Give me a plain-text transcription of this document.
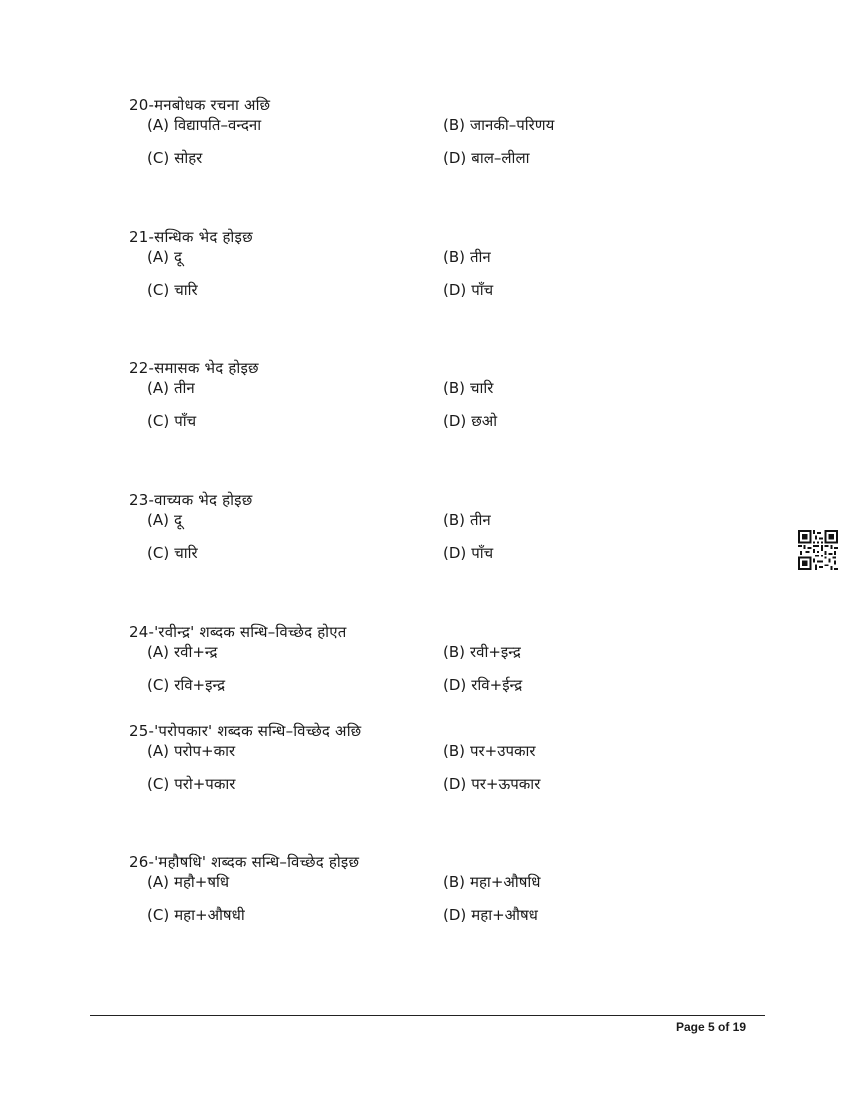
20-मनबोधक रचना अछि
(A) विद्यापति–वन्दना	(B) जानकी–परिणय
(C) सोहर	(D) बाल–लीला
21-सन्धिक भेद होइछ
(A) दू	(B) तीन
(C) चारि	(D) पाँच
22-समासक भेद होइछ
(A) तीन	(B) चारि
(C) पाँच	(D) छओ
23-वाच्यक भेद होइछ
(A) दू	(B) तीन
(C) चारि	(D) पाँच
24-'रवीन्द्र' शब्दक सन्धि–विच्छेद होएत
(A) रवी+न्द्र	(B) रवी+इन्द्र
(C) रवि+इन्द्र	(D) रवि+ईन्द्र
25-'परोपकार' शब्दक सन्धि–विच्छेद अछि
(A) परोप+कार	(B) पर+उपकार
(C) परो+पकार	(D) पर+ऊपकार
26-'महौषधि' शब्दक सन्धि–विच्छेद होइछ
(A) महौ+षधि	(B) महा+औषधि
(C) महा+औषधी	(D) महा+औषध
Page 5 of 19
